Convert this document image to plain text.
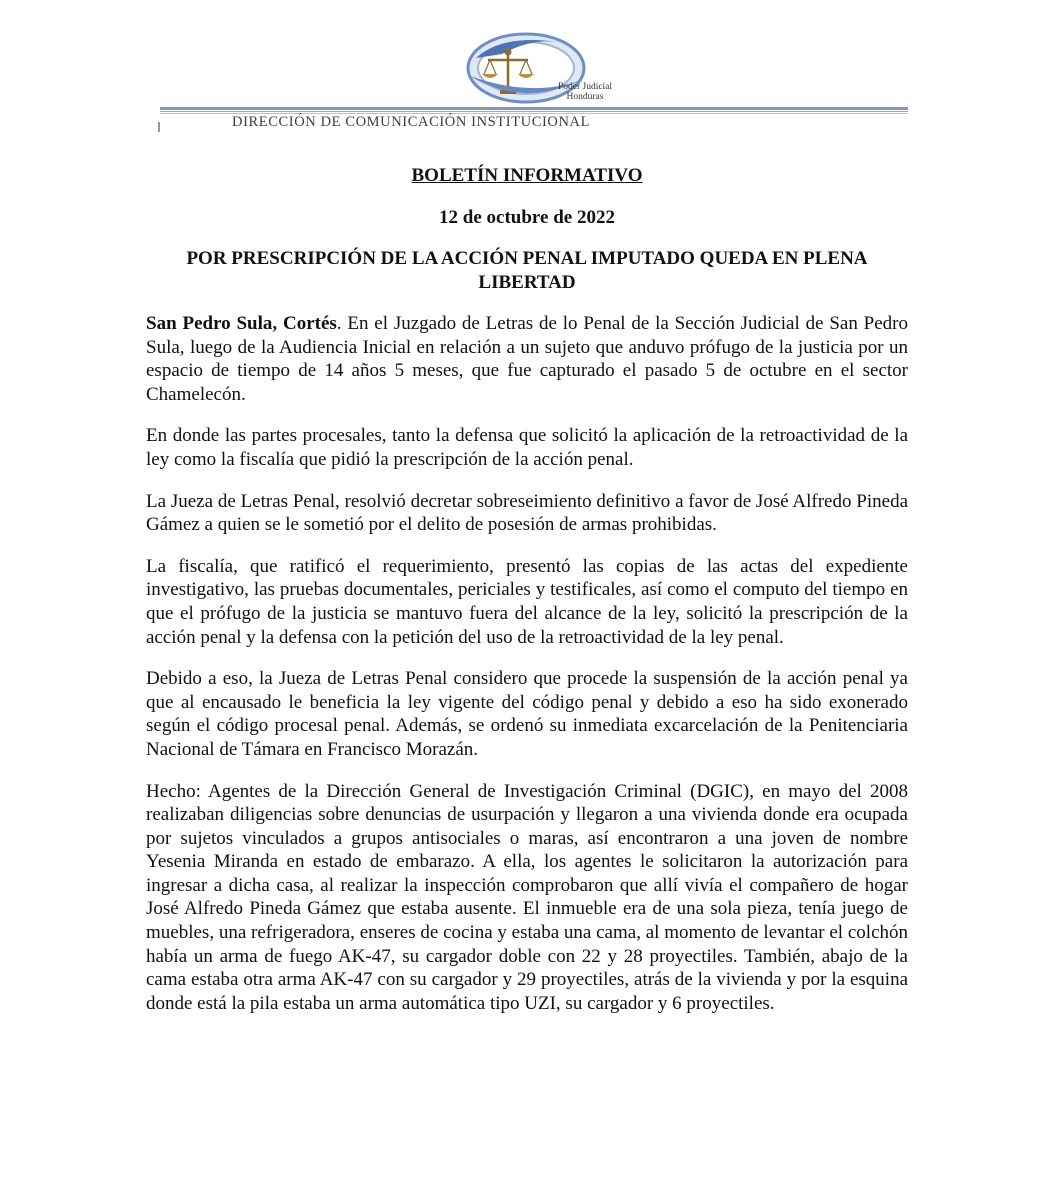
Poder Judicial
Honduras
DIRECCIÓN DE COMUNICACIÓN INSTITUCIONAL
BOLETÍN INFORMATIVO
12 de octubre de 2022
POR PRESCRIPCIÓN DE LA ACCIÓN PENAL IMPUTADO QUEDA EN PLENA LIBERTAD

San Pedro Sula, Cortés. En el Juzgado de Letras de lo Penal de la Sección Judicial de San Pedro Sula, luego de la Audiencia Inicial en relación a un sujeto que anduvo prófugo de la justicia por un espacio de tiempo de 14 años 5 meses, que fue capturado el pasado 5 de octubre en el sector Chamelecón.

En donde las partes procesales, tanto la defensa que solicitó la aplicación de la retroactividad de la ley como la fiscalía que pidió la prescripción de la acción penal.

La Jueza de Letras Penal, resolvió decretar sobreseimiento definitivo a favor de José Alfredo Pineda Gámez a quien se le sometió por el delito de posesión de armas prohibidas.

La fiscalía, que ratificó el requerimiento, presentó las copias de las actas del expediente investigativo, las pruebas documentales, periciales y testificales, así como el computo del tiempo en que el prófugo de la justicia se mantuvo fuera del alcance de la ley, solicitó la prescripción de la acción penal y la defensa con la petición del uso de la retroactividad de la ley penal.

Debido a eso, la Jueza de Letras Penal considero que procede la suspensión de la acción penal ya que al encausado le beneficia la ley vigente del código penal y debido a eso ha sido exonerado según el código procesal penal. Además, se ordenó su inmediata excarcelación de la Penitenciaria Nacional de Támara en Francisco Morazán.

Hecho: Agentes de la Dirección General de Investigación Criminal (DGIC), en mayo del 2008 realizaban diligencias sobre denuncias de usurpación y llegaron a una vivienda donde era ocupada por sujetos vinculados a grupos antisociales o maras, así encontraron a una joven de nombre Yesenia Miranda en estado de embarazo. A ella, los agentes le solicitaron la autorización para ingresar a dicha casa, al realizar la inspección comprobaron que allí vivía el compañero de hogar José Alfredo Pineda Gámez que estaba ausente. El inmueble era de una sola pieza, tenía juego de muebles, una refrigeradora, enseres de cocina y estaba una cama, al momento de levantar el colchón había un arma de fuego AK-47, su cargador doble con 22 y 28 proyectiles. También, abajo de la cama estaba otra arma AK-47 con su cargador y 29 proyectiles, atrás de la vivienda y por la esquina donde está la pila estaba un arma automática tipo UZI, su cargador y 6 proyectiles.
